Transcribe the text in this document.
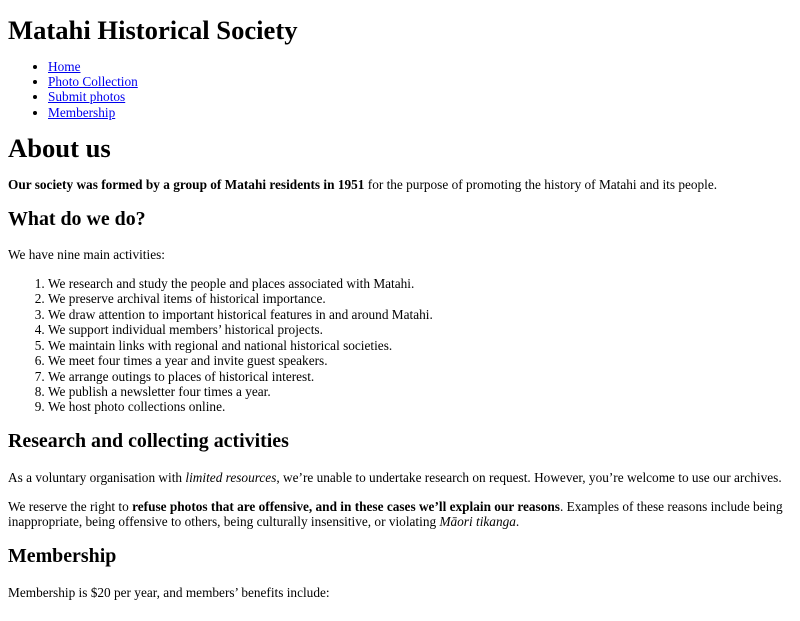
Matahi Historical Society
• Home
• Photo Collection
• Submit photos
• Membership
About us

Our society was formed by a group of Matahi residents in 1951 for the purpose of promoting the history of Matahi and its people.

What do we do?

We have nine main activities:

1. We research and study the people and places associated with Matahi.
2. We preserve archival items of historical importance.
3. We draw attention to important historical features in and around Matahi.
4. We support individual members’ historical projects.
5. We maintain links with regional and national historical societies.
6. We meet four times a year and invite guest speakers.
7. We arrange outings to places of historical interest.
8. We publish a newsletter four times a year.
9. We host photo collections online.
Research and collecting activities

As a voluntary organisation with limited resources, we’re unable to undertake research on request. However, you’re welcome to use our archives.

We reserve the right to refuse photos that are offensive, and in these cases we’ll explain our reasons. Examples of these reasons include being inappropriate, being offensive to others, being culturally insensitive, or violating Māori tikanga.

Membership

Membership is $20 per year, and members’ benefits include:
